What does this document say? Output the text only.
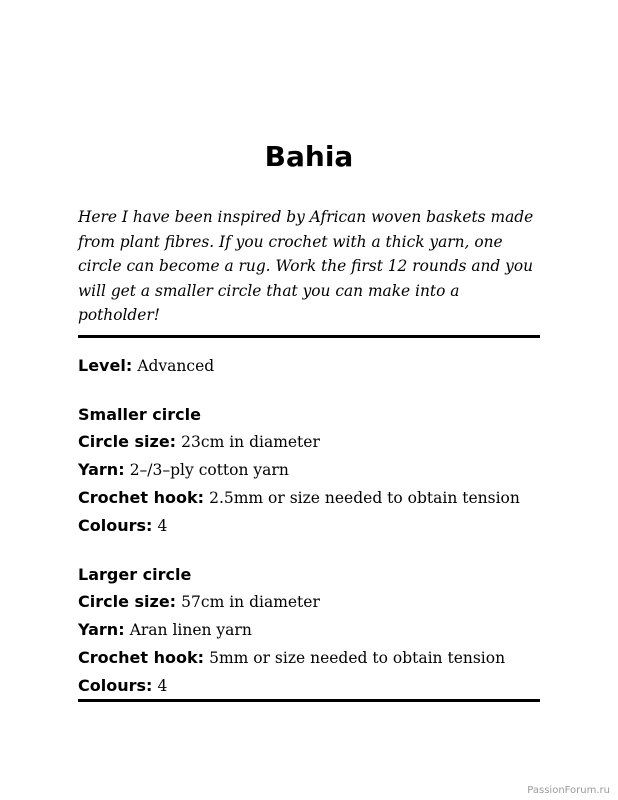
Bahia

Here I have been inspired by African woven baskets made
from plant fibres. If you crochet with a thick yarn, one
circle can become a rug. Work the first 12 rounds and you
will get a smaller circle that you can make into a
potholder!

Level: Advanced
Smaller circle
Circle size: 23cm in diameter
Yarn: 2–/3–ply cotton yarn
Crochet hook: 2.5mm or size needed to obtain tension
Colours: 4
Larger circle
Circle size: 57cm in diameter
Yarn: Aran linen yarn
Crochet hook: 5mm or size needed to obtain tension
Colours: 4
PassionForum.ru
